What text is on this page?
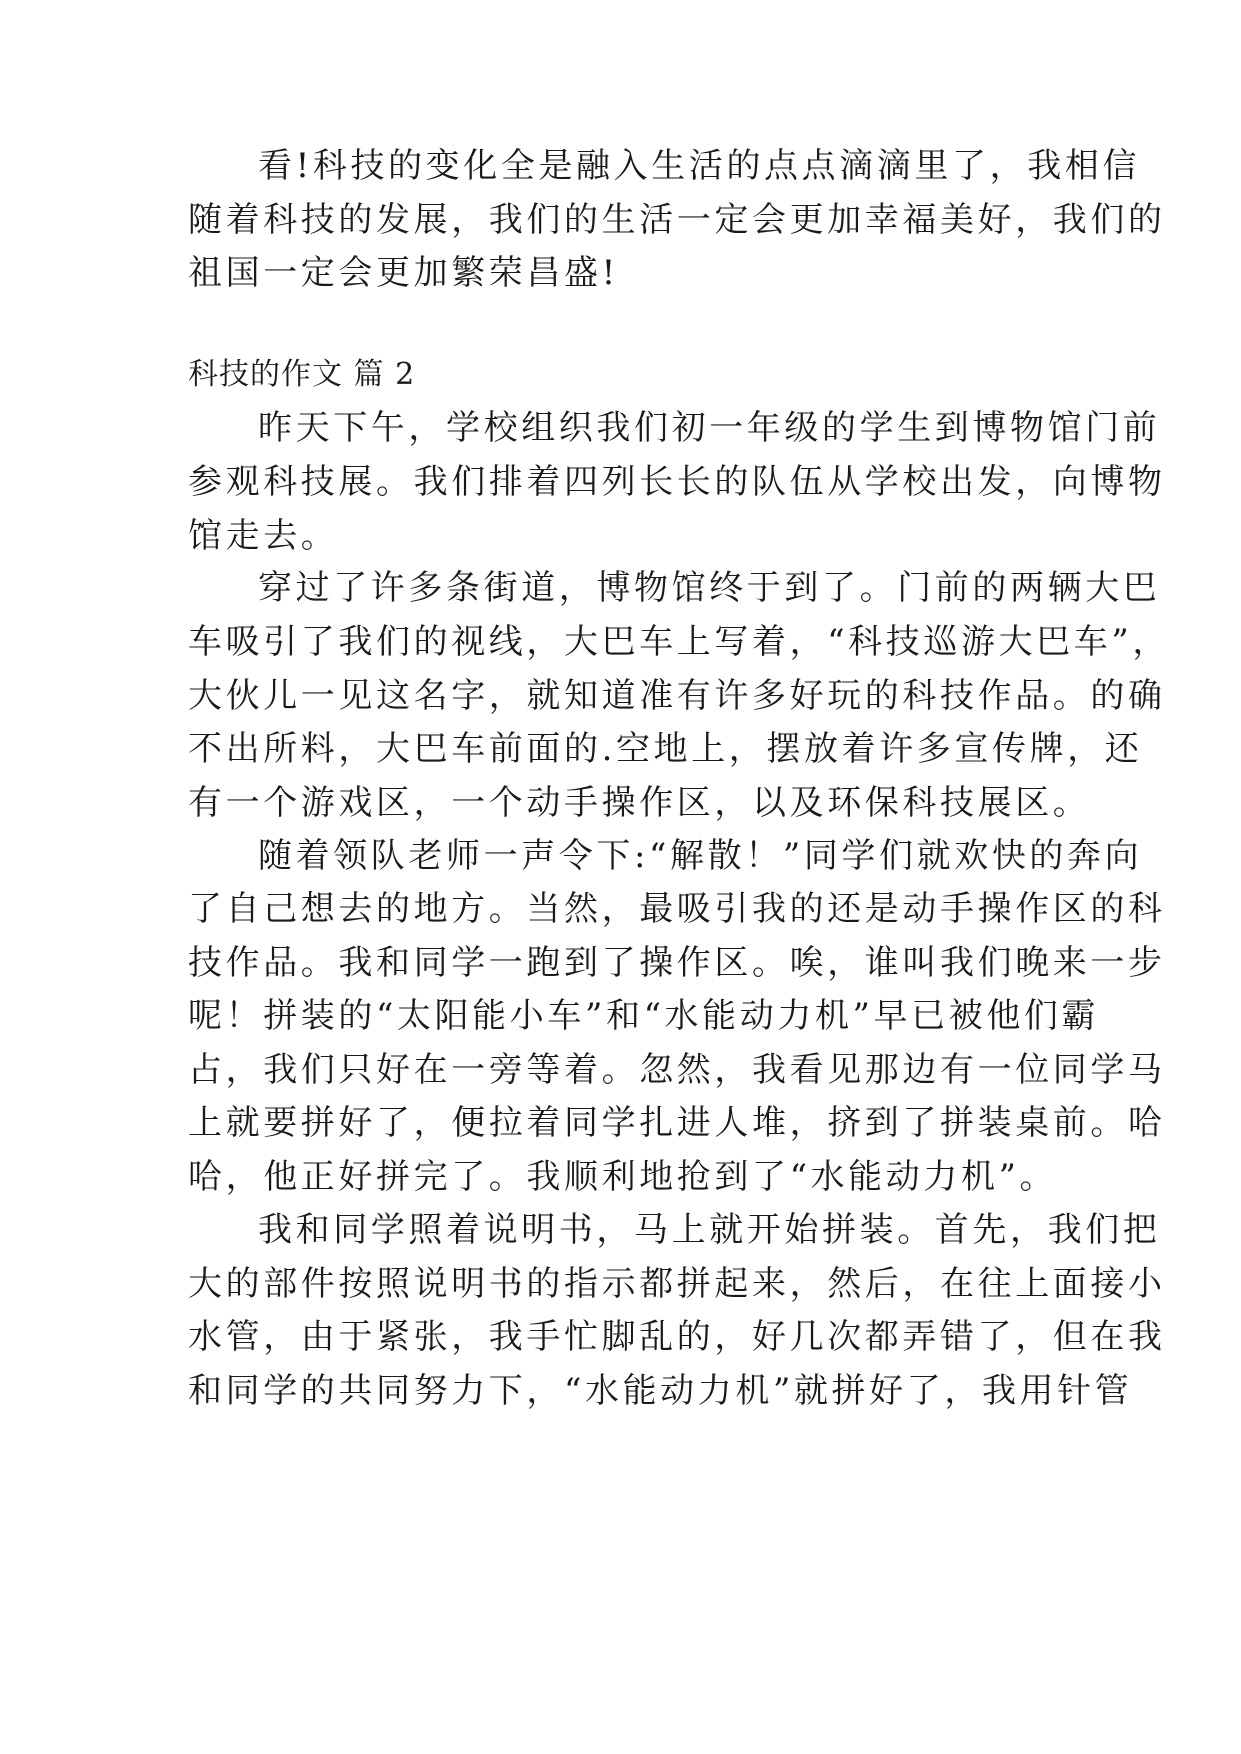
看!科技的变化全是融入生活的点点滴滴里了，我相信
随着科技的发展，我们的生活一定会更加幸福美好，我们的
祖国一定会更加繁荣昌盛!
科技的作文 篇 2
昨天下午，学校组织我们初一年级的学生到博物馆门前
参观科技展。我们排着四列长长的队伍从学校出发，向博物
馆走去。
穿过了许多条街道，博物馆终于到了。门前的两辆大巴
车吸引了我们的视线，大巴车上写着，“科技巡游大巴车”，
大伙儿一见这名字，就知道准有许多好玩的科技作品。的确
不出所料，大巴车前面的.空地上，摆放着许多宣传牌，还
有一个游戏区，一个动手操作区，以及环保科技展区。
随着领队老师一声令下:“解散！”同学们就欢快的奔向
了自己想去的地方。当然，最吸引我的还是动手操作区的科
技作品。我和同学一跑到了操作区。唉，谁叫我们晚来一步
呢！拼装的“太阳能小车”和“水能动力机”早已被他们霸
占，我们只好在一旁等着。忽然，我看见那边有一位同学马
上就要拼好了，便拉着同学扎进人堆，挤到了拼装桌前。哈
哈，他正好拼完了。我顺利地抢到了“水能动力机”。
我和同学照着说明书，马上就开始拼装。首先，我们把
大的部件按照说明书的指示都拼起来，然后，在往上面接小
水管，由于紧张，我手忙脚乱的，好几次都弄错了，但在我
和同学的共同努力下，“水能动力机”就拼好了，我用针管
